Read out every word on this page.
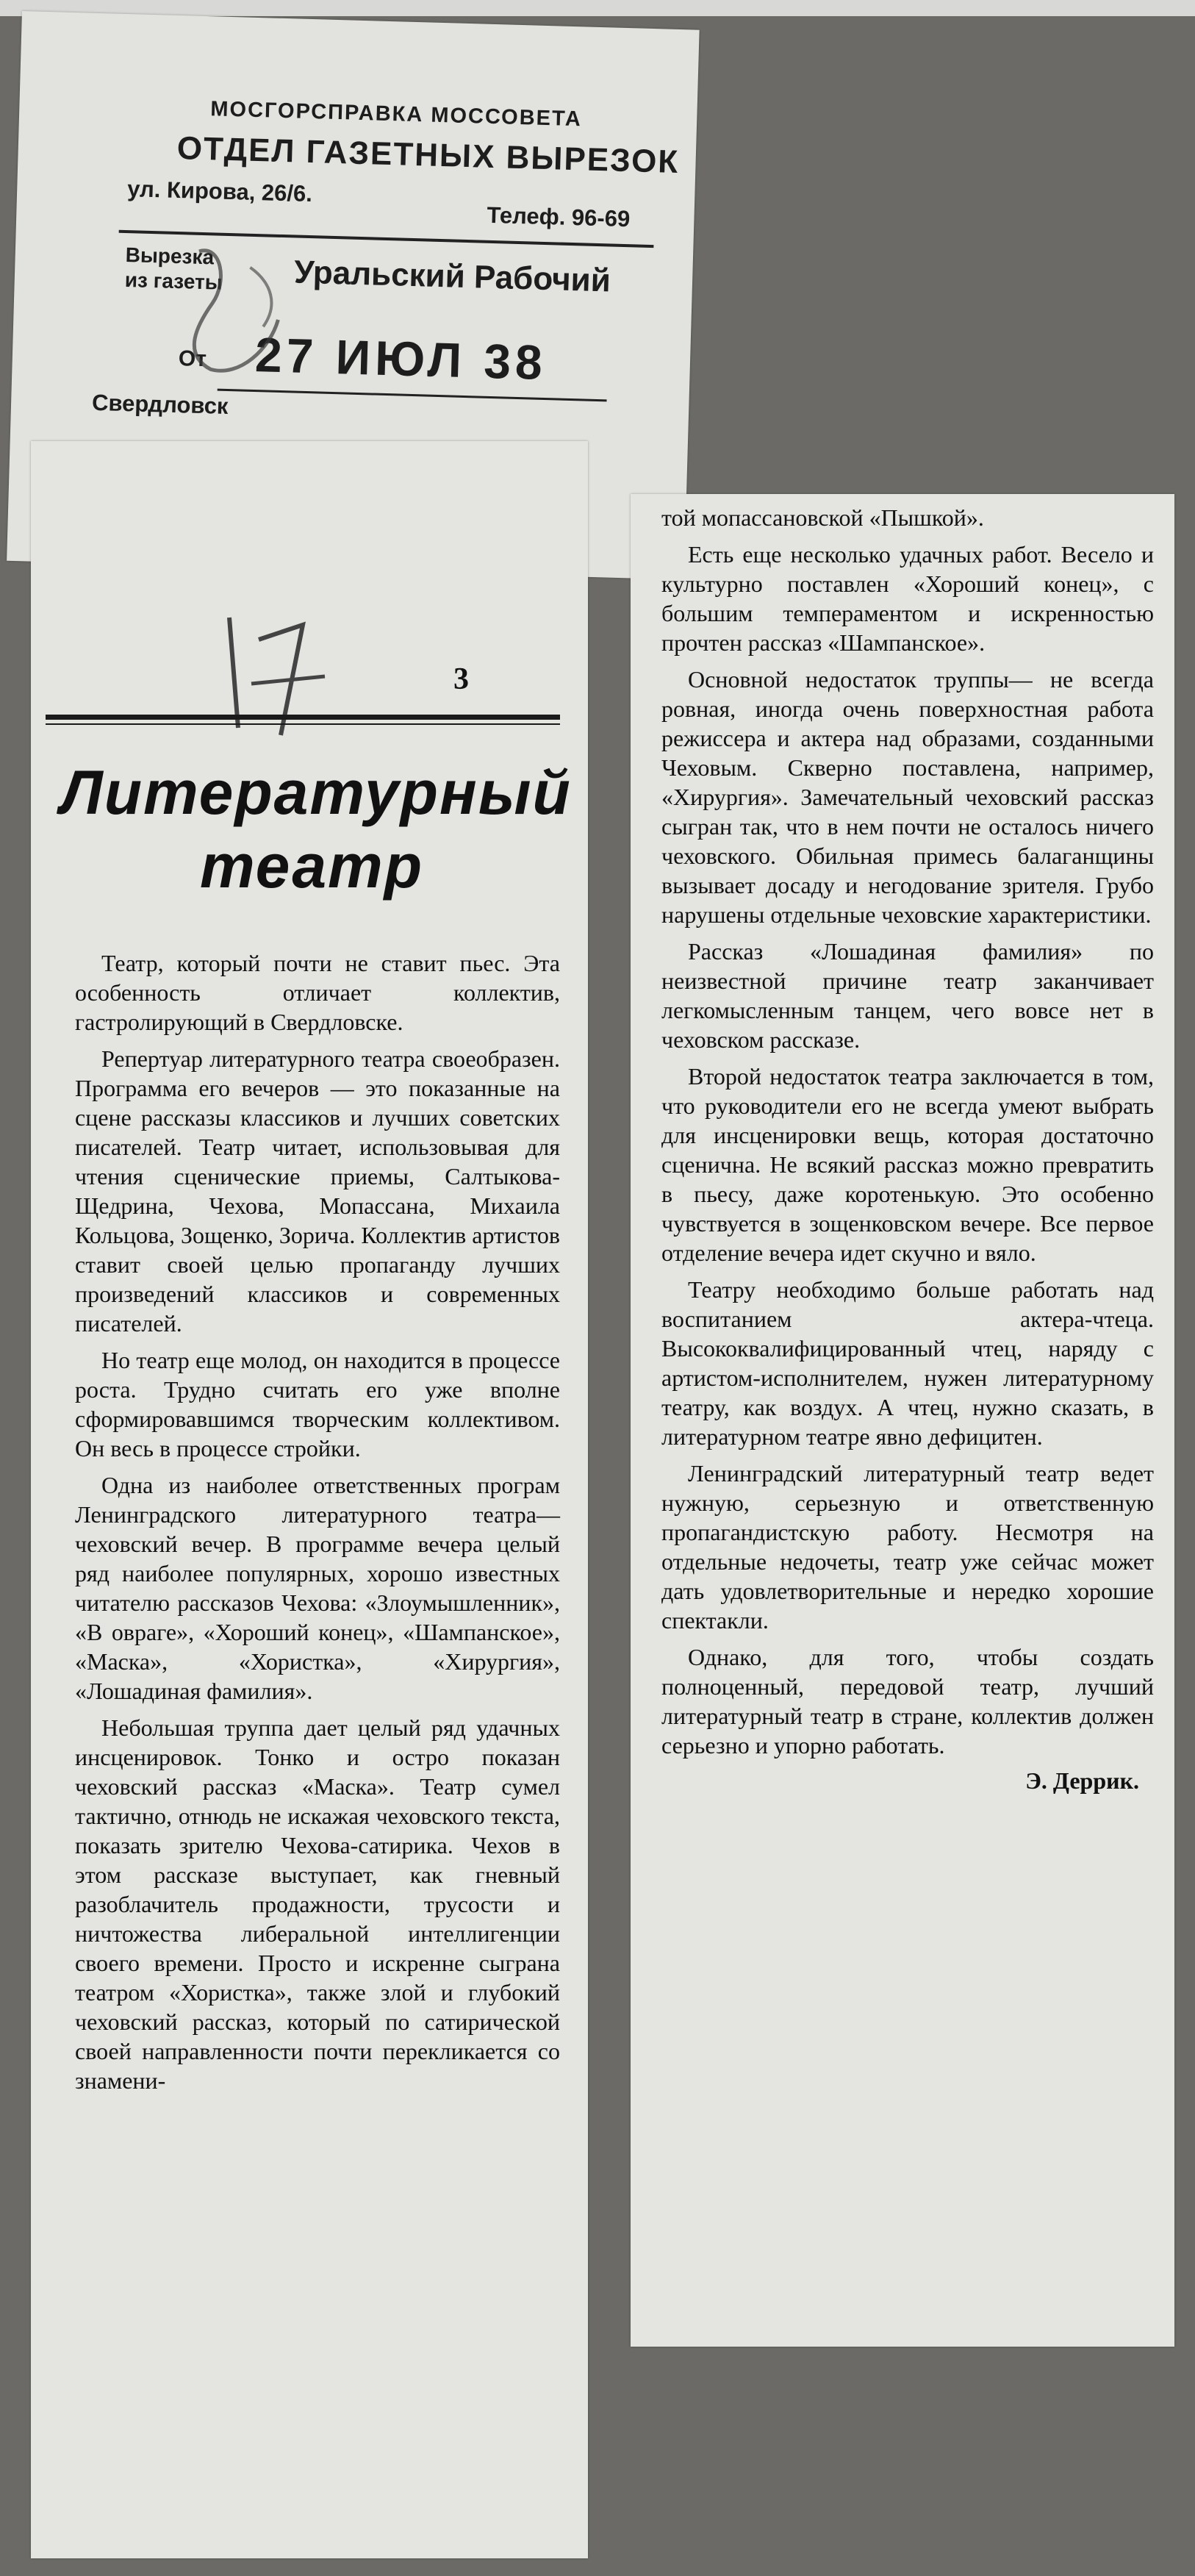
МОСГОРСПРАВКА МОССОВЕТА
ОТДЕЛ ГАЗЕТНЫХ ВЫРЕЗОК
ул. Кирова, 26/6.
Телеф. 96-69
Вырезка
из газеты Уральский Рабочий
От 27 ИЮЛ 38
Свердловск
3
Литературный
театр

Театр, который почти не ставит пьес. Эта особенность отличает коллектив, гастролирующий в Свердловске.

Репертуар литературного театра своеобразен. Программа его вечеров — это показанные на сцене рассказы классиков и лучших советских писателей. Театр читает, использовывая для чтения сценические приемы, Салтыкова-Щедрина, Чехова, Мопассана, Михаила Кольцова, Зощенко, Зорича. Коллектив артистов ставит своей целью пропаганду лучших произведений классиков и современных писателей.

Но театр еще молод, он находится в процессе роста. Трудно считать его уже вполне сформировавшимся творческим коллективом. Он весь в процессе стройки.

Одна из наиболее ответственных програм Ленинградского литературного театра—чеховский вечер. В программе вечера целый ряд наиболее популярных, хорошо известных читателю рассказов Чехова: «Злоумышленник», «В овраге», «Хороший конец», «Шампанское», «Маска», «Хористка», «Хирургия», «Лошадиная фамилия».

Небольшая труппа дает целый ряд удачных инсценировок. Тонко и остро показан чеховский рассказ «Маска». Театр сумел тактично, отнюдь не искажая чеховского текста, показать зрителю Чехова-сатирика. Чехов в этом рассказе выступает, как гневный разоблачитель продажности, трусости и ничтожества либеральной интеллигенции своего времени. Просто и искренне сыграна театром «Хористка», также злой и глубокий чеховский рассказ, который по сатирической своей направленности почти перекликается со знамени-

той мопассановской «Пышкой».

Есть еще несколько удачных работ. Весело и культурно поставлен «Хороший конец», с большим темпераментом и искренностью прочтен рассказ «Шампанское».

Основной недостаток труппы— не всегда ровная, иногда очень поверхностная работа режиссера и актера над образами, созданными Чеховым. Скверно поставлена, например, «Хирургия». Замечательный чеховский рассказ сыгран так, что в нем почти не осталось ничего чеховского. Обильная примесь балаганщины вызывает досаду и негодование зрителя. Грубо нарушены отдельные чеховские характеристики.

Рассказ «Лошадиная фамилия» по неизвестной причине театр заканчивает легкомысленным танцем, чего вовсе нет в чеховском рассказе.

Второй недостаток театра заключается в том, что руководители его не всегда умеют выбрать для инсценировки вещь, которая достаточно сценична. Не всякий рассказ можно превратить в пьесу, даже коротенькую. Это особенно чувствуется в зощенковском вечере. Все первое отделение вечера идет скучно и вяло.

Театру необходимо больше работать над воспитанием актера-чтеца. Высококвалифицированный чтец, наряду с артистом-исполнителем, нужен литературному театру, как воздух. А чтец, нужно сказать, в литературном театре явно дефицитен.

Ленинградский литературный театр ведет нужную, серьезную и ответственную пропагандистскую работу. Несмотря на отдельные недочеты, театр уже сейчас может дать удовлетворительные и нередко хорошие спектакли.

Однако, для того, чтобы создать полноценный, передовой театр, лучший литературный театр в стране, коллектив должен серьезно и упорно работать.

Э. Деррик.
